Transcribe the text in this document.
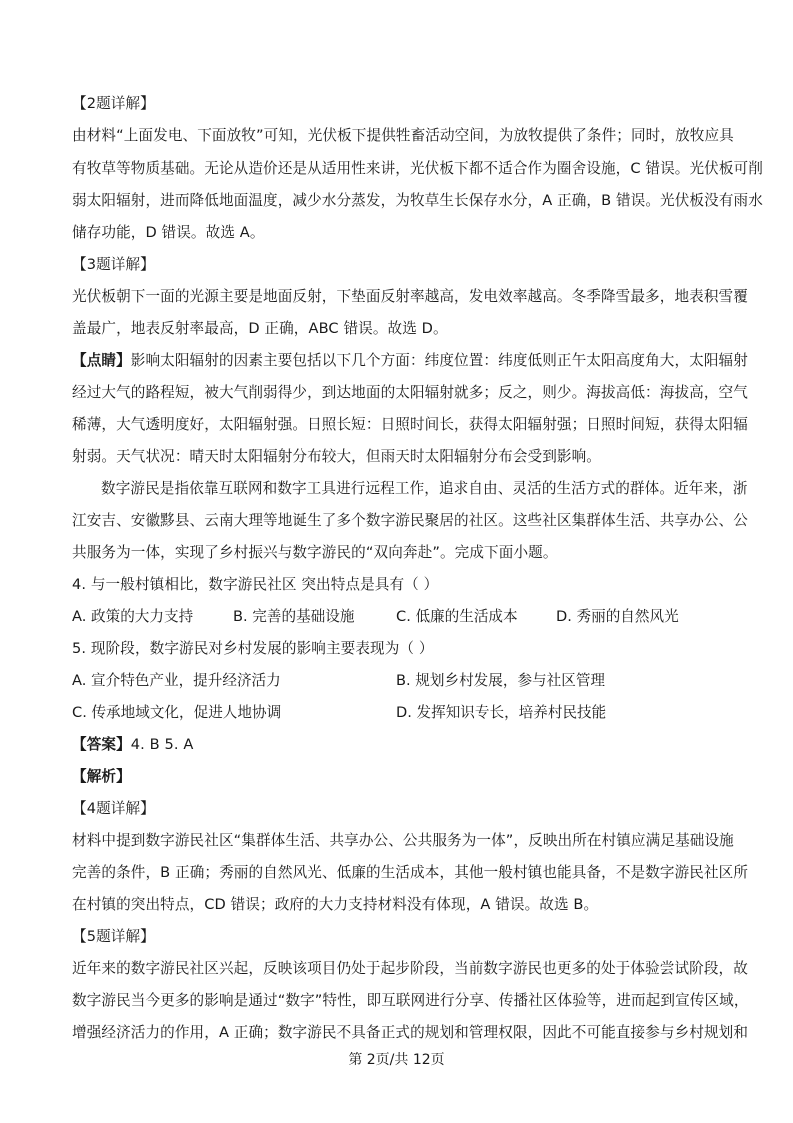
【2题详解】
由材料“上面发电、下面放牧”可知，光伏板下提供牲畜活动空间，为放牧提供了条件；同时，放牧应具
有牧草等物质基础。无论从造价还是从适用性来讲，光伏板下都不适合作为圈舍设施，C 错误。光伏板可削
弱太阳辐射，进而降低地面温度，减少水分蒸发，为牧草生长保存水分，A 正确，B 错误。光伏板没有雨水
储存功能，D 错误。故选 A。
【3题详解】
光伏板朝下一面的光源主要是地面反射，下垫面反射率越高，发电效率越高。冬季降雪最多，地表积雪覆
盖最广，地表反射率最高，D 正确，ABC 错误。故选 D。
【点睛】影响太阳辐射的因素主要包括以下几个方面：纬度位置：纬度低则正午太阳高度角大，太阳辐射
经过大气的路程短，被大气削弱得少，到达地面的太阳辐射就多；反之，则少。海拔高低：海拔高，空气
稀薄，大气透明度好，太阳辐射强。日照长短：日照时间长，获得太阳辐射强；日照时间短，获得太阳辐
射弱。天气状况：晴天时太阳辐射分布较大，但雨天时太阳辐射分布会受到影响。
数字游民是指依靠互联网和数字工具进行远程工作，追求自由、灵活的生活方式的群体。近年来，浙
江安吉、安徽黟县、云南大理等地诞生了多个数字游民聚居的社区。这些社区集群体生活、共享办公、公
共服务为一体，实现了乡村振兴与数字游民的“双向奔赴”。完成下面小题。
4. 与一般村镇相比，数字游民社区 突出特点是具有（ ）
A. 政策的大力支持	B. 完善的基础设施	C. 低廉的生活成本	D. 秀丽的自然风光
5. 现阶段，数字游民对乡村发展的影响主要表现为（ ）
A. 宣介特色产业，提升经济活力	B. 规划乡村发展，参与社区管理
C. 传承地域文化，促进人地协调	D. 发挥知识专长，培养村民技能
【答案】4. B 5. A
【解析】
【4题详解】
材料中提到数字游民社区“集群体生活、共享办公、公共服务为一体”，反映出所在村镇应满足基础设施
完善的条件，B 正确；秀丽的自然风光、低廉的生活成本，其他一般村镇也能具备，不是数字游民社区所
在村镇的突出特点，CD 错误；政府的大力支持材料没有体现，A 错误。故选 B。
【5题详解】
近年来的数字游民社区兴起，反映该项目仍处于起步阶段，当前数字游民也更多的处于体验尝试阶段，故
数字游民当今更多的影响是通过“数字”特性，即互联网进行分享、传播社区体验等，进而起到宣传区域，
增强经济活力的作用，A 正确；数字游民不具备正式的规划和管理权限，因此不可能直接参与乡村规划和
第 2页/共 12页
